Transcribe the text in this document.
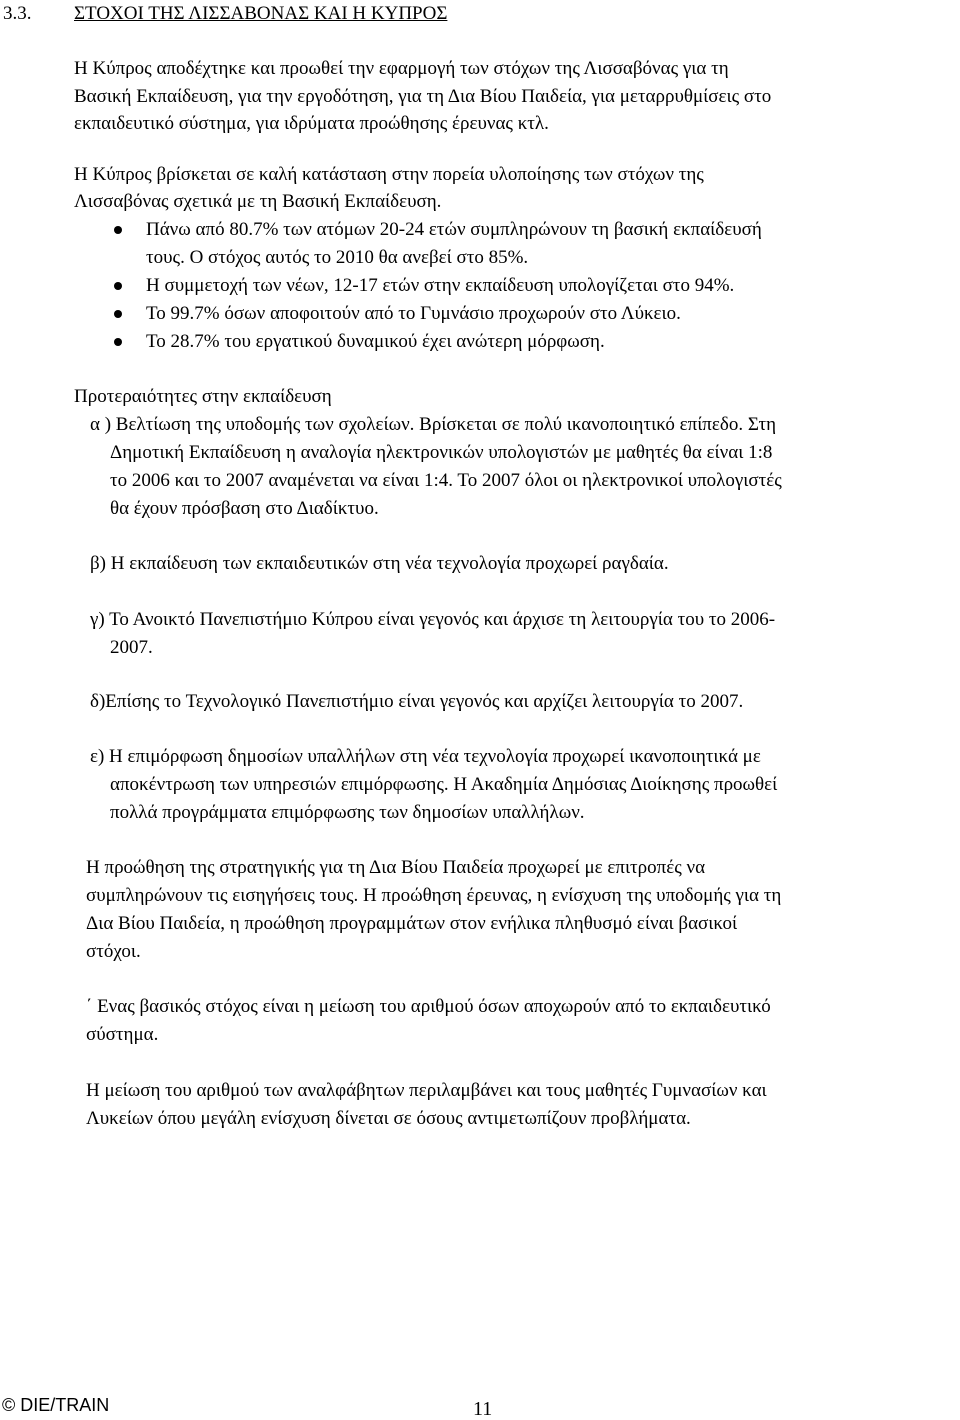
3.3. ΣΤΟΧΟΙ ΤΗΣ ΛΙΣΣΑΒΟΝΑΣ ΚΑΙ Η ΚΥΠΡΟΣ
Η Κύπρος αποδέχτηκε και προωθεί την εφαρμογή των στόχων της Λισσαβόνας για τη
Βασική Εκπαίδευση, για την εργοδότηση, για τη Δια Βίου Παιδεία, για μεταρρυθμίσεις στο
εκπαιδευτικό σύστημα, για ιδρύματα προώθησης έρευνας κτλ.
Η Κύπρος βρίσκεται σε καλή κατάσταση στην πορεία υλοποίησης των στόχων της
Λισσαβόνας σχετικά με τη Βασική Εκπαίδευση.
Πάνω από 80.7% των ατόμων 20-24 ετών συμπληρώνουν τη βασική εκπαίδευσή
τους. Ο στόχος αυτός το 2010 θα ανεβεί στο 85%.
Η συμμετοχή των νέων, 12-17 ετών στην εκπαίδευση υπολογίζεται στο 94%.
Το 99.7% όσων αποφοιτούν από το Γυμνάσιο προχωρούν στο Λύκειο.
Το 28.7% του εργατικού δυναμικού έχει ανώτερη μόρφωση.
Προτεραιότητες στην εκπαίδευση
α ) Βελτίωση της υποδομής των σχολείων. Βρίσκεται σε πολύ ικανοποιητικό επίπεδο. Στη
Δημοτική Εκπαίδευση η αναλογία ηλεκτρονικών υπολογιστών με μαθητές θα είναι 1:8
το 2006 και το 2007 αναμένεται να είναι 1:4. Το 2007 όλοι οι ηλεκτρονικοί υπολογιστές
θα έχουν πρόσβαση στο Διαδίκτυο.
β) Η εκπαίδευση των εκπαιδευτικών στη νέα τεχνολογία προχωρεί ραγδαία.
γ) Το Ανοικτό Πανεπιστήμιο Κύπρου είναι γεγονός και άρχισε τη λειτουργία του το 2006-
2007.
δ)Επίσης το Τεχνολογικό Πανεπιστήμιο είναι γεγονός και αρχίζει λειτουργία το 2007.
ε) Η επιμόρφωση δημοσίων υπαλλήλων στη νέα τεχνολογία προχωρεί ικανοποιητικά με
αποκέντρωση των υπηρεσιών επιμόρφωσης. Η Ακαδημία Δημόσιας Διοίκησης προωθεί
πολλά προγράμματα επιμόρφωσης των δημοσίων υπαλλήλων.
Η προώθηση της στρατηγικής για τη Δια Βίου Παιδεία προχωρεί με επιτροπές να
συμπληρώνουν τις εισηγήσεις τους. Η προώθηση έρευνας, η ενίσχυση της υποδομής για τη
Δια Βίου Παιδεία, η προώθηση προγραμμάτων στον ενήλικα πληθυσμό είναι βασικοί
στόχοι.
΄ Ενας βασικός στόχος είναι η μείωση του αριθμού όσων αποχωρούν από το εκπαιδευτικό
σύστημα.
Η μείωση του αριθμού των αναλφάβητων περιλαμβάνει και τους μαθητές Γυμνασίων και
Λυκείων όπου μεγάλη ενίσχυση δίνεται σε όσους αντιμετωπίζουν προβλήματα.
© DIE/TRAIN	11
